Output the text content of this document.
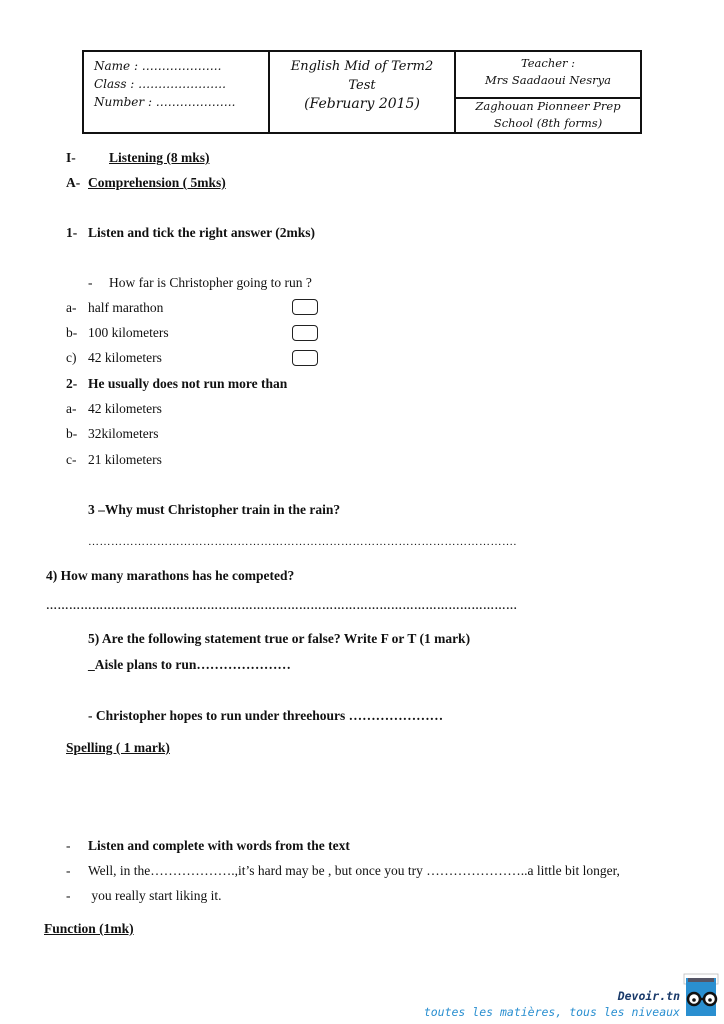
Name : ………………..
Class : ………………….
Number : ………………..
English Mid of Term2
Test
(February 2015)
Teacher :
Mrs Saadaoui Nesrya
Zaghouan Pionneer Prep
School (8th forms)
I- Listening (8 mks)
A- Comprehension ( 5mks)
1- Listen and tick the right answer (2mks)
- How far is Christopher going to run ?
a- half marathon
b- 100 kilometers
c) 42 kilometers
2- He usually does not run more than
a- 42 kilometers
b- 32kilometers
c- 21 kilometers
3 –Why must Christopher train in the rain?
………………………………………………………………………………………………….
4) How many marathons has he competed?
……………………………………………………………………………………………………………
5) Are the following statement true or false? Write F or T (1 mark)
_Aisle plans to run…………………
- Christopher hopes to run under threehours …………………
Spelling ( 1 mark)
- Listen and complete with words from the text
- Well, in the……………….,it’s hard may be , but once you try …………………..a little bit longer,
- you really start liking it.
Function (1mk)
Devoir.tn
toutes les matières, tous les niveaux
